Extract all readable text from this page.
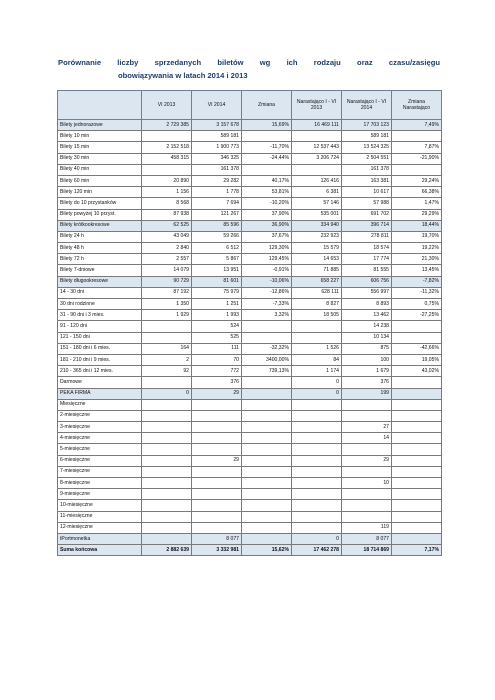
Porównanie liczby sprzedanych biletów wg ich rodzaju oraz czasu/zasięgu
obowiązywania w latach 2014 i 2013
	VI 2013	VI 2014	Zmiana	Narastająco I - VI 2013	Narastająco I - VI 2014	Zmiana Narastająco
Bilety jednorazowe	2 729 385	3 157 678	15,69%	16 469 111	17 703 123	7,49%
Bilety 10 min		589 181			589 181	
Bilety 15 min	2 152 518	1 900 773	-11,70%	12 537 443	13 524 325	7,87%
Bilety 30 min	458 315	346 325	-24,44%	3 206 724	2 504 551	-21,90%
Bilety 40 min		161 378			161 378	
Bilety 60 min	20 890	29 282	40,17%	126 416	163 381	29,24%
Bilety 120 min	1 156	1 778	53,81%	6 381	10 617	66,38%
Bilety do 10 przystanków	8 568	7 694	-10,20%	57 146	57 988	1,47%
Bilety powyżej 10 przyst.	87 938	121 267	37,90%	535 001	691 702	29,29%
Bilety krótkookresowe	62 525	85 596	36,90%	334 940	396 714	18,44%
Bilety 24 h	43 049	59 266	37,67%	232 923	278 811	19,70%
Bilety 48 h	2 840	6 512	129,30%	15 579	18 574	19,22%
Bilety 72 h	2 557	5 867	129,45%	14 653	17 774	21,30%
Bilety 7-dniowe	14 079	13 951	-0,91%	71 885	81 555	13,45%
Bilety długookresowe	90 729	81 601	-10,06%	658 227	606 756	-7,82%
14 - 30 dni	87 192	75 979	-12,86%	628 111	556 997	-11,32%
30 dni rodzinne	1 350	1 251	-7,33%	8 827	8 893	0,75%
31 - 90 dni i 3 mies.	1 929	1 993	3,32%	18 505	13 462	-27,25%
91 - 120 dni		524			14 238	
121 - 150 dni		525			10 134	
151 - 180 dni i 6 mies.	164	111	-32,32%	1 526	875	-42,66%
181 - 210 dni i 9 mies.	2	70	3400,00%	84	100	19,05%
210 - 365 dni i 12 mies.	92	772	739,13%	1 174	1 679	43,02%
Darmowe		376		0	376	
PEKA FIRMA	0	29		0	199	
Miesięczne						
2-miesięczne						
3-miesięczne					27	
4-miesięczne					14	
5-miesięczne						
6-miesięczne		29			29	
7-miesięczne						
8-miesięczne					10	
9-miesięczne						
10-miesięczne						
11-miesięczne						
12-miesięczne					119	
tPortmonetka		8 077		0	8 077	
Suma końcowa	2 882 639	3 332 981	15,62%	17 462 278	18 714 869	7,17%
